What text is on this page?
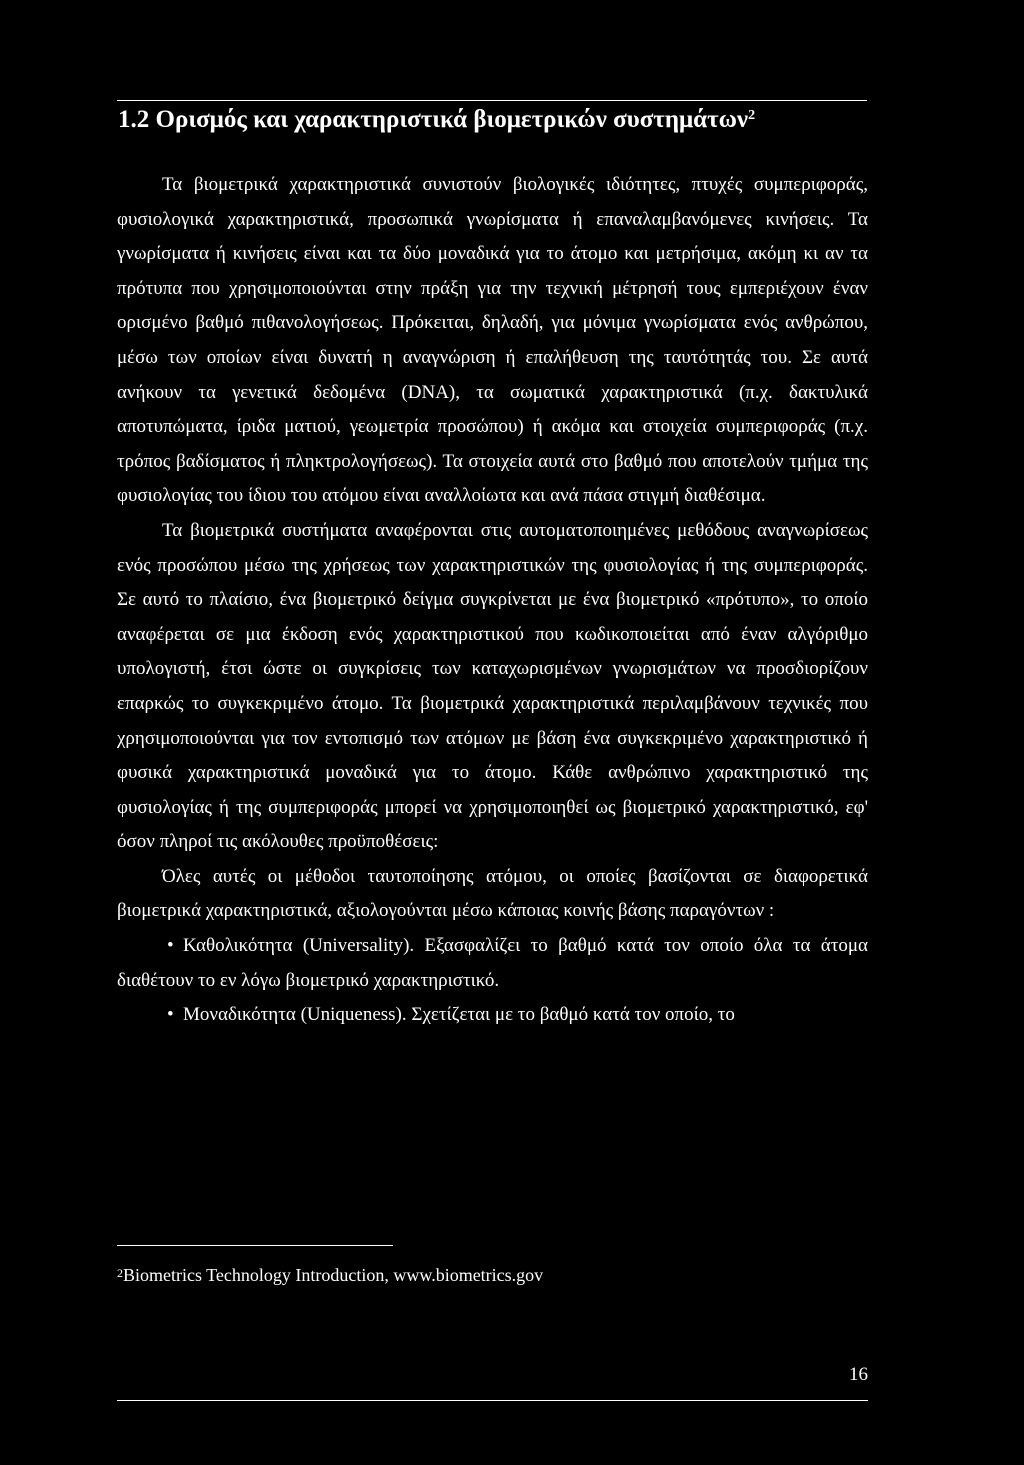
1.2 Ορισμός και χαρακτηριστικά βιομετρικών συστημάτων$^2$

Τα βιομετρικά χαρακτηριστικά συνιστούν βιολογικές ιδιότητες, πτυχές συμπεριφοράς, φυσιολογικά χαρακτηριστικά, προσωπικά γνωρίσματα ή επαναλαμβανόμενες κινήσεις. Τα γνωρίσματα ή κινήσεις είναι και τα δύο μοναδικά για το άτομο και μετρήσιμα, ακόμη κι αν τα πρότυπα που χρησιμοποιούνται στην πράξη για την τεχνική μέτρησή τους εμπεριέχουν έναν ορισμένο βαθμό πιθανολογήσεως. Πρόκειται, δηλαδή, για μόνιμα γνωρίσματα ενός ανθρώπου, μέσω των οποίων είναι δυνατή η αναγνώριση ή επαλήθευση της ταυτότητάς του. Σε αυτά ανήκουν τα γενετικά δεδομένα (DNA), τα σωματικά χαρακτηριστικά (π.χ. δακτυλικά αποτυπώματα, ίριδα ματιού, γεωμετρία προσώπου) ή ακόμα και στοιχεία συμπεριφοράς (π.χ. τρόπος βαδίσματος ή πληκτρολογήσεως). Τα στοιχεία αυτά στο βαθμό που αποτελούν τμήμα της φυσιολογίας του ίδιου του ατόμου είναι αναλλοίωτα και ανά πάσα στιγμή διαθέσιμα.

Τα βιομετρικά συστήματα αναφέρονται στις αυτοματοποιημένες μεθόδους αναγνωρίσεως ενός προσώπου μέσω της χρήσεως των χαρακτηριστικών της φυσιολογίας ή της συμπεριφοράς. Σε αυτό το πλαίσιο, ένα βιομετρικό δείγμα συγκρίνεται με ένα βιομετρικό «πρότυπο», το οποίο αναφέρεται σε μια έκδοση ενός χαρακτηριστικού που κωδικοποιείται από έναν αλγόριθμο υπολογιστή, έτσι ώστε οι συγκρίσεις των καταχωρισμένων γνωρισμάτων να προσδιορίζουν επαρκώς το συγκεκριμένο άτομο. Τα βιομετρικά χαρακτηριστικά περιλαμβάνουν τεχνικές που χρησιμοποιούνται για τον εντοπισμό των ατόμων με βάση ένα συγκεκριμένο χαρακτηριστικό ή φυσικά χαρακτηριστικά μοναδικά για το άτομο. Κάθε ανθρώπινο χαρακτηριστικό της φυσιολογίας ή της συμπεριφοράς μπορεί να χρησιμοποιηθεί ως βιομετρικό χαρακτηριστικό, εφ' όσον πληροί τις ακόλουθες προϋποθέσεις:

Όλες αυτές οι μέθοδοι ταυτοποίησης ατόμου, οι οποίες βασίζονται σε διαφορετικά βιομετρικά χαρακτηριστικά, αξιολογούνται μέσω κάποιας κοινής βάσης παραγόντων :

• Καθολικότητα (Universality). Εξασφαλίζει το βαθμό κατά τον οποίο όλα τα άτομα διαθέτουν το εν λόγω βιομετρικό χαρακτηριστικό.

• Μοναδικότητα (Uniqueness). Σχετίζεται με το βαθμό κατά τον οποίο, το

$^2$Biometrics Technology Introduction, www.biometrics.gov
16
